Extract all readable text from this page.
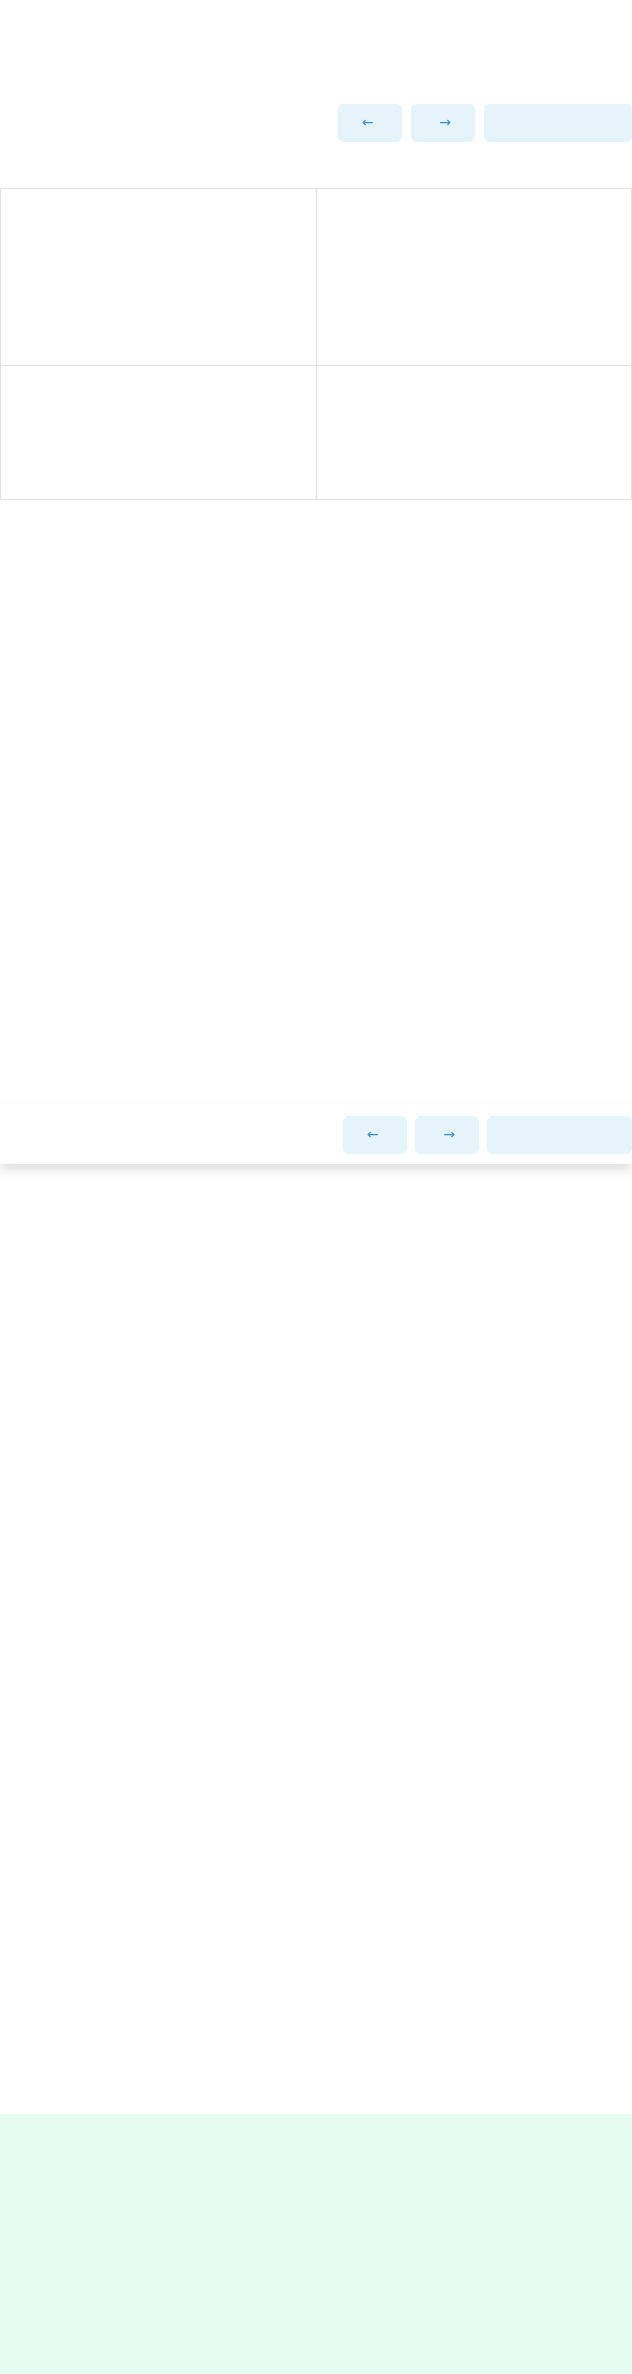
←	→
←	→
